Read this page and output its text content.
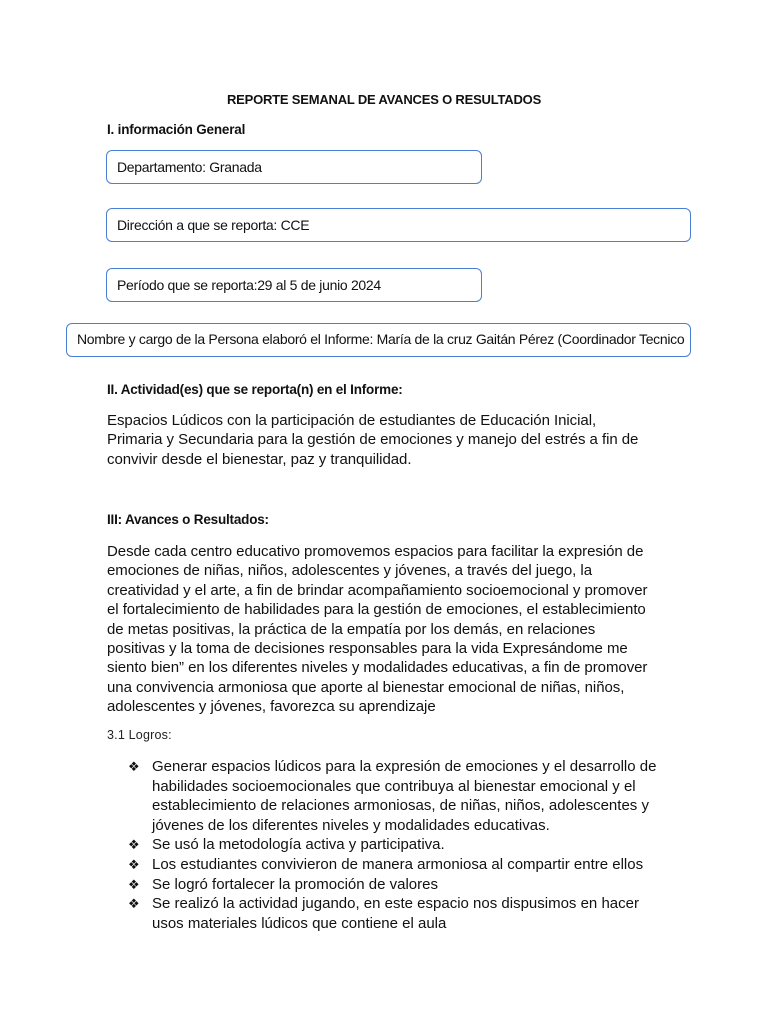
REPORTE SEMANAL DE AVANCES O RESULTADOS
I. información General
Departamento: Granada
Dirección a que se reporta: CCE
Período que se reporta:29 al 5 de junio 2024
Nombre y cargo de la Persona elaboró el Informe: María de la cruz Gaitán Pérez (Coordinador Tecnico
II. Actividad(es) que se reporta(n) en el Informe:
Espacios Lúdicos con la participación de estudiantes de Educación Inicial,
Primaria y Secundaria para la gestión de emociones y manejo del estrés a fin de
convivir desde el bienestar, paz y tranquilidad.
III: Avances o Resultados:
Desde cada centro educativo promovemos espacios para facilitar la expresión de
emociones de niñas, niños, adolescentes y jóvenes, a través del juego, la
creatividad y el arte, a fin de brindar acompañamiento socioemocional y promover
el fortalecimiento de habilidades para la gestión de emociones, el establecimiento
de metas positivas, la práctica de la empatía por los demás, en relaciones
positivas y la toma de decisiones responsables para la vida Expresándome me
siento bien” en los diferentes niveles y modalidades educativas, a fin de promover
una convivencia armoniosa que aporte al bienestar emocional de niñas, niños,
adolescentes y jóvenes, favorezca su aprendizaje
3.1 Logros:
❖ Generar espacios lúdicos para la expresión de emociones y el desarrollo de
habilidades socioemocionales que contribuya al bienestar emocional y el
establecimiento de relaciones armoniosas, de niñas, niños, adolescentes y
jóvenes de los diferentes niveles y modalidades educativas.
❖ Se usó la metodología activa y participativa.
❖ Los estudiantes convivieron de manera armoniosa al compartir entre ellos
❖ Se logró fortalecer la promoción de valores
❖ Se realizó la actividad jugando, en este espacio nos dispusimos en hacer
usos materiales lúdicos que contiene el aula
